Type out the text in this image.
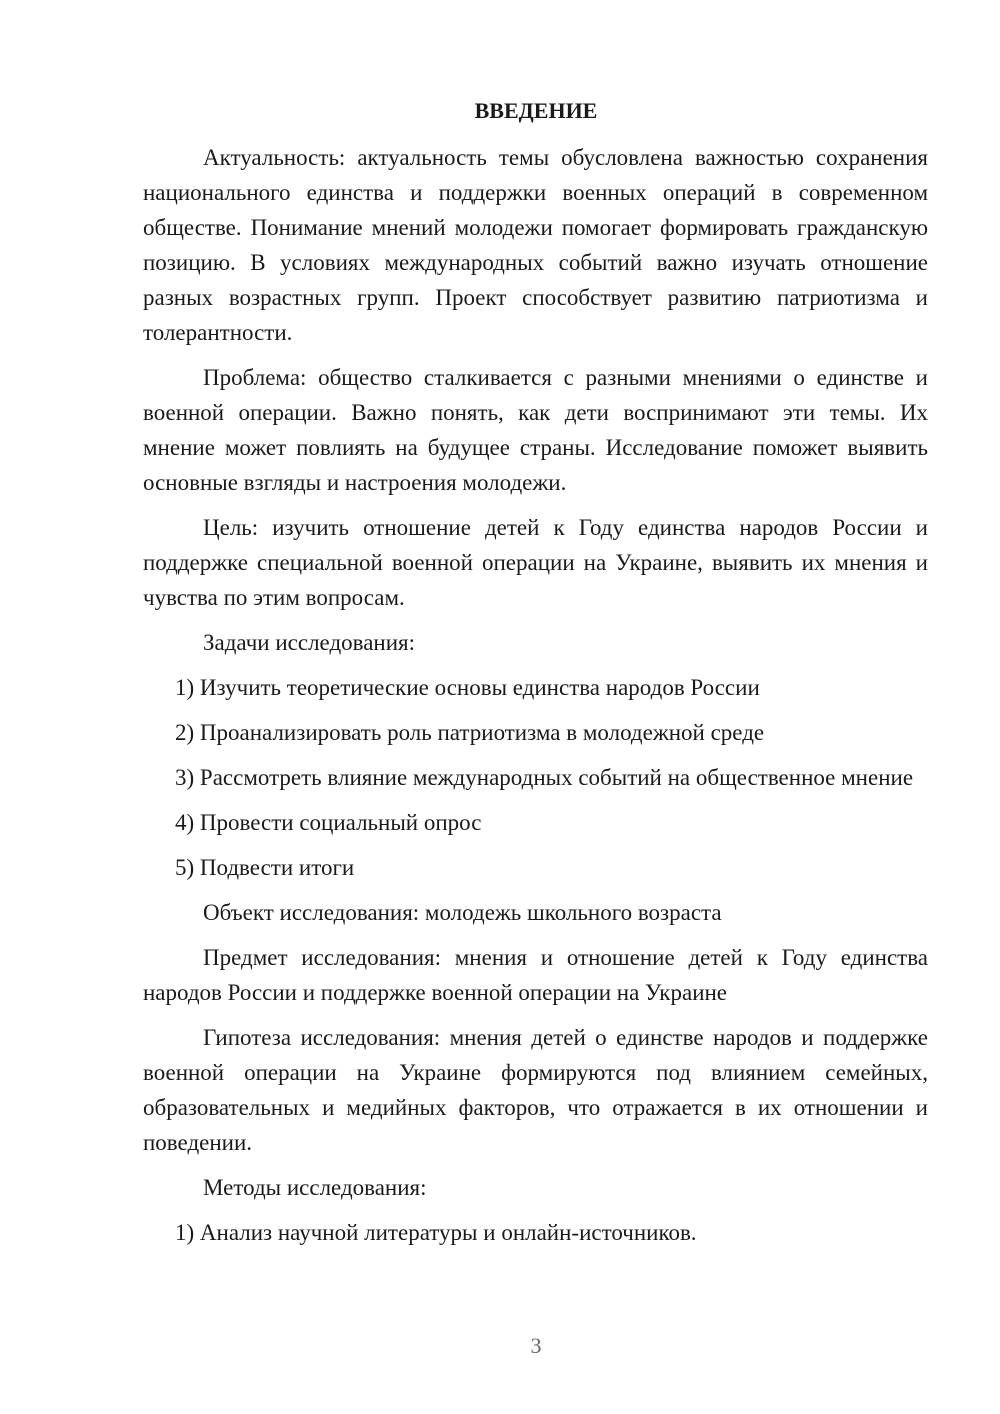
ВВЕДЕНИЕ

Актуальность: актуальность темы обусловлена важностью сохранения национального единства и поддержки военных операций в современном обществе. Понимание мнений молодежи помогает формировать гражданскую позицию. В условиях международных событий важно изучать отношение разных возрастных групп. Проект способствует развитию патриотизма и толерантности.

Проблема: общество сталкивается с разными мнениями о единстве и военной операции. Важно понять, как дети воспринимают эти темы. Их мнение может повлиять на будущее страны. Исследование поможет выявить основные взгляды и настроения молодежи.

Цель: изучить отношение детей к Году единства народов России и поддержке специальной военной операции на Украине, выявить их мнения и чувства по этим вопросам.

Задачи исследования:

1) Изучить теоретические основы единства народов России

2) Проанализировать роль патриотизма в молодежной среде

3) Рассмотреть влияние международных событий на общественное мнение

4) Провести социальный опрос

5) Подвести итоги

Объект исследования: молодежь школьного возраста

Предмет исследования: мнения и отношение детей к Году единства народов России и поддержке военной операции на Украине

Гипотеза исследования: мнения детей о единстве народов и поддержке военной операции на Украине формируются под влиянием семейных, образовательных и медийных факторов, что отражается в их отношении и поведении.

Методы исследования:

1) Анализ научной литературы и онлайн-источников.

3
